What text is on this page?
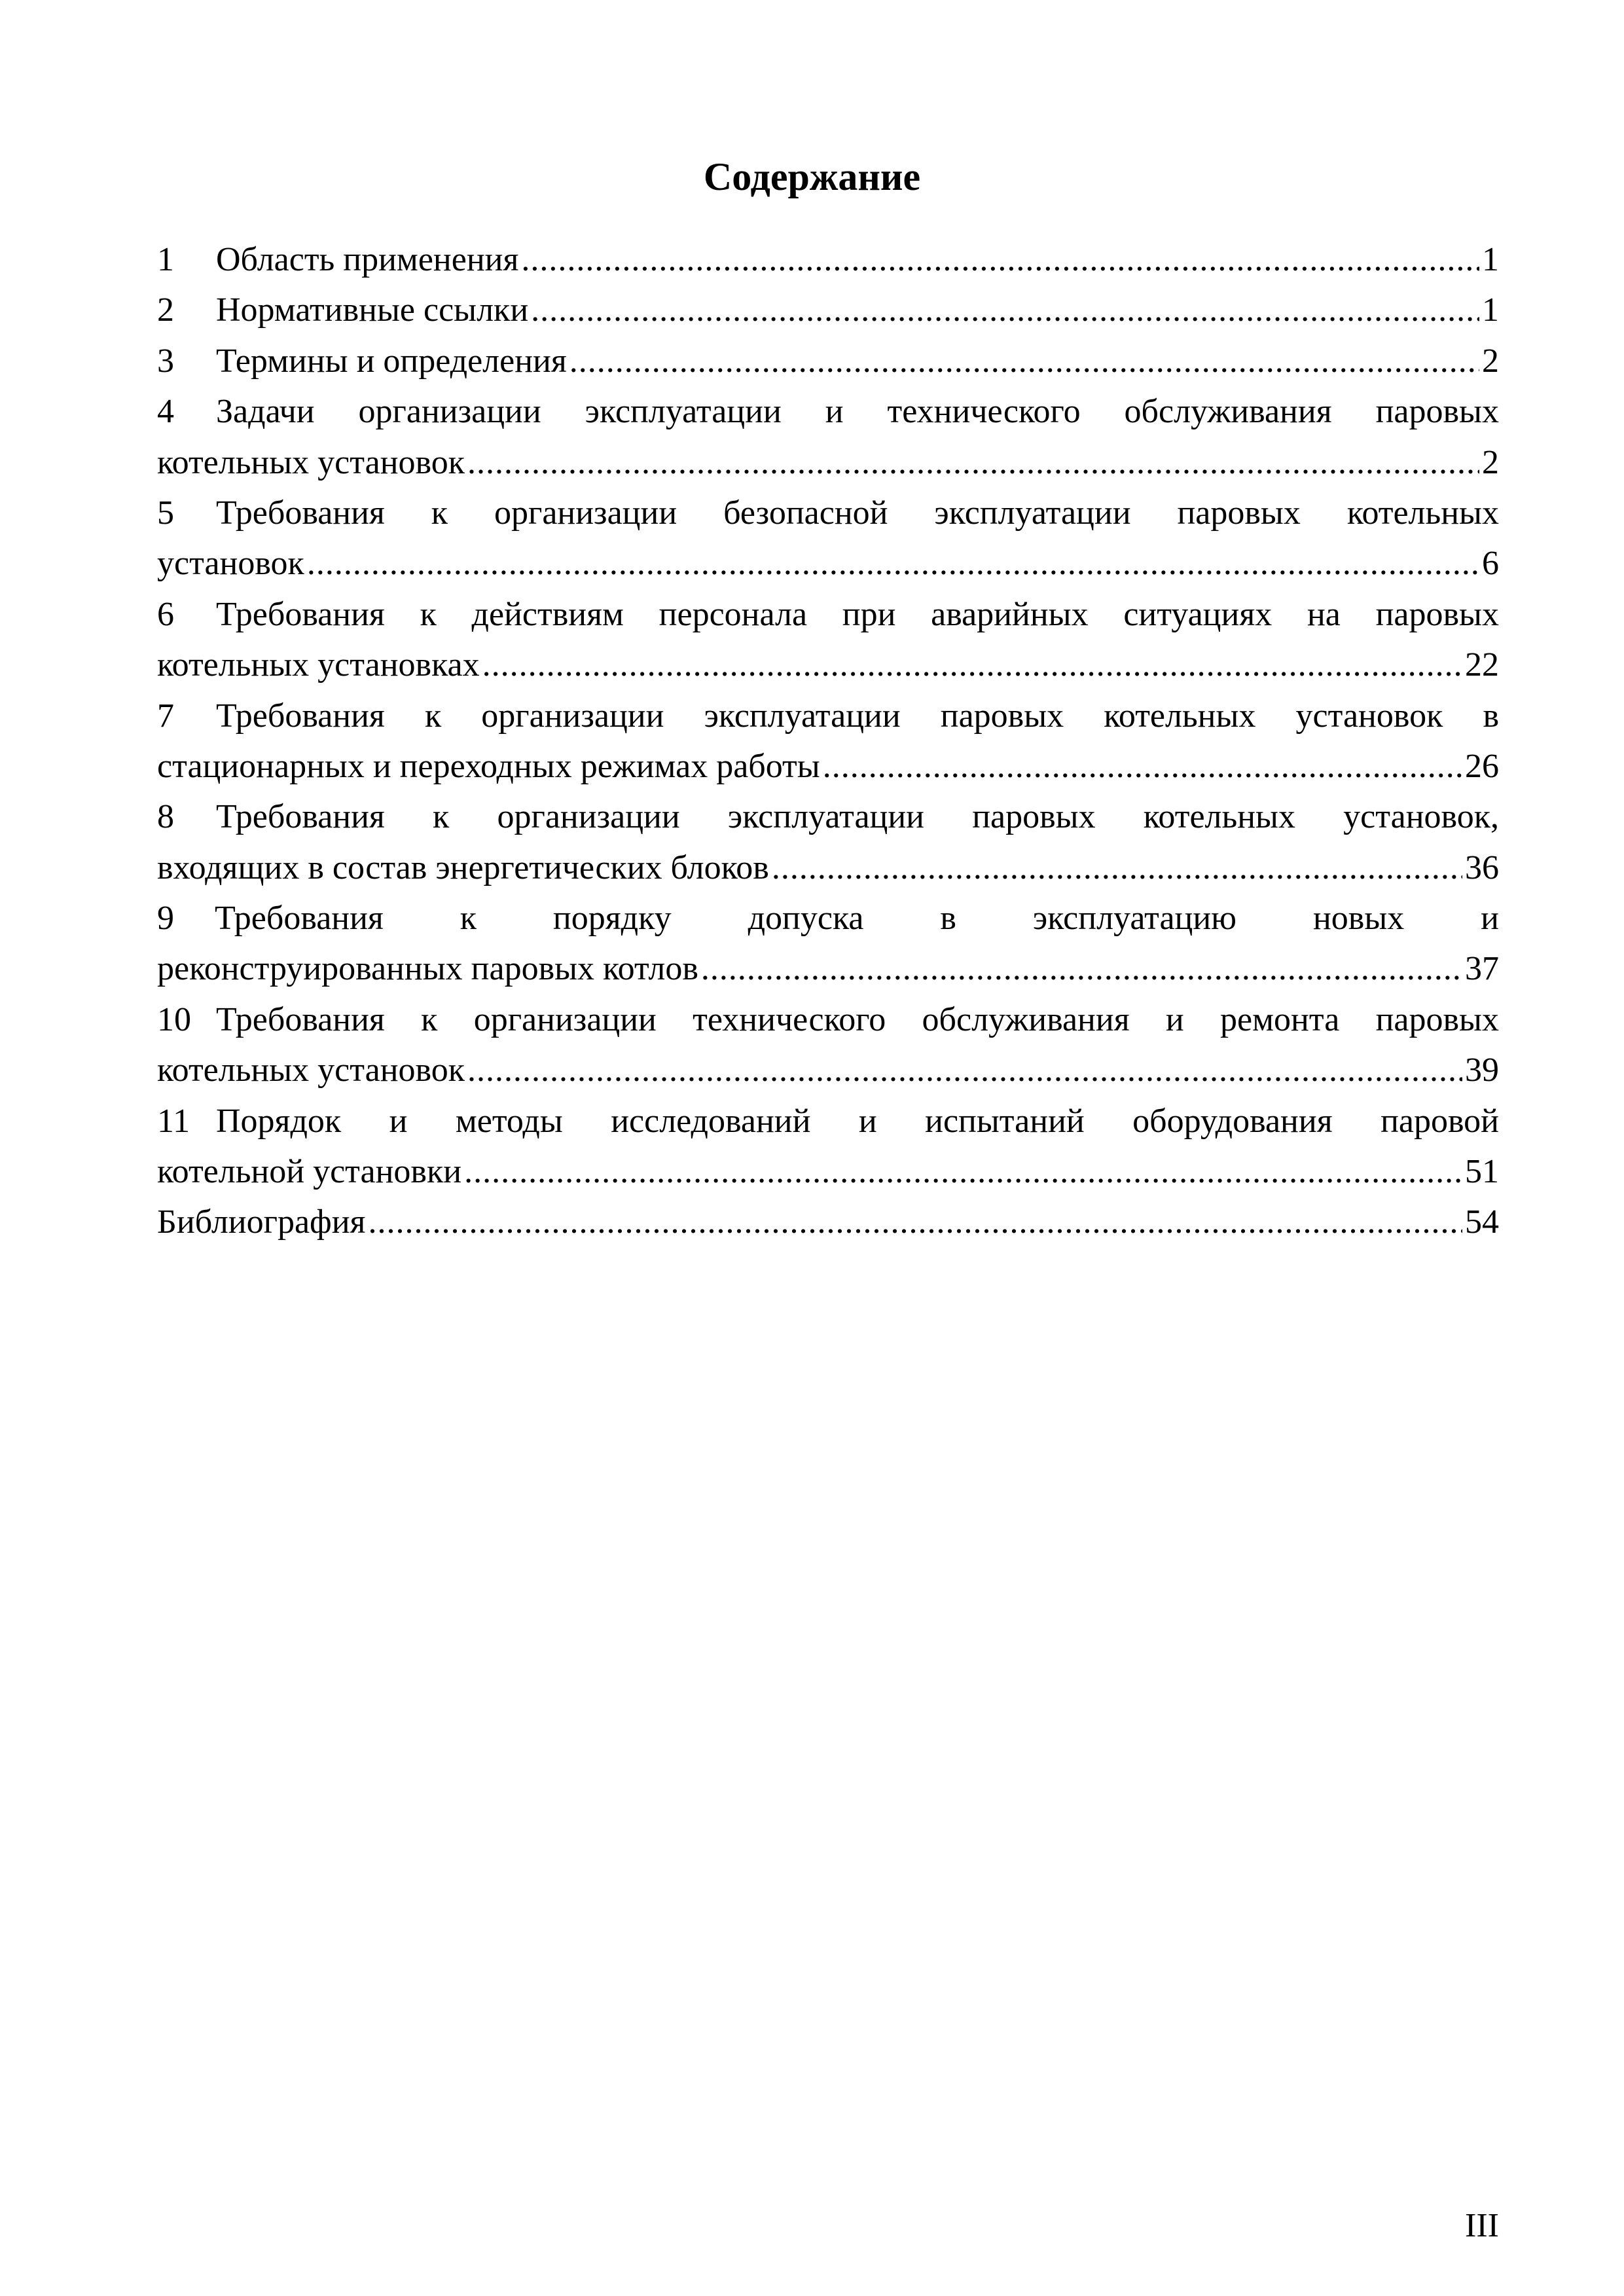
Содержание
1	Область применения .....	1
2	Нормативные ссылки .....	1
3	Термины и определения .....	2
4 Задачи организации эксплуатации и технического обслуживания паровых
котельных установок .....	2
5 Требования к организации безопасной эксплуатации паровых котельных
установок .....	6
6 Требования к действиям персонала при аварийных ситуациях на паровых
котельных установках .....	22
7 Требования к организации эксплуатации паровых котельных установок в
стационарных и переходных режимах работы .....	26
8 Требования к организации эксплуатации паровых котельных установок,
входящих в состав энергетических блоков .....	36
9 Требования к порядку допуска в эксплуатацию новых и
реконструированных паровых котлов .....	37
10 Требования к организации технического обслуживания и ремонта паровых
котельных установок .....	39
11 Порядок и методы исследований и испытаний оборудования паровой
котельной установки .....	51
Библиография .....	54
III
